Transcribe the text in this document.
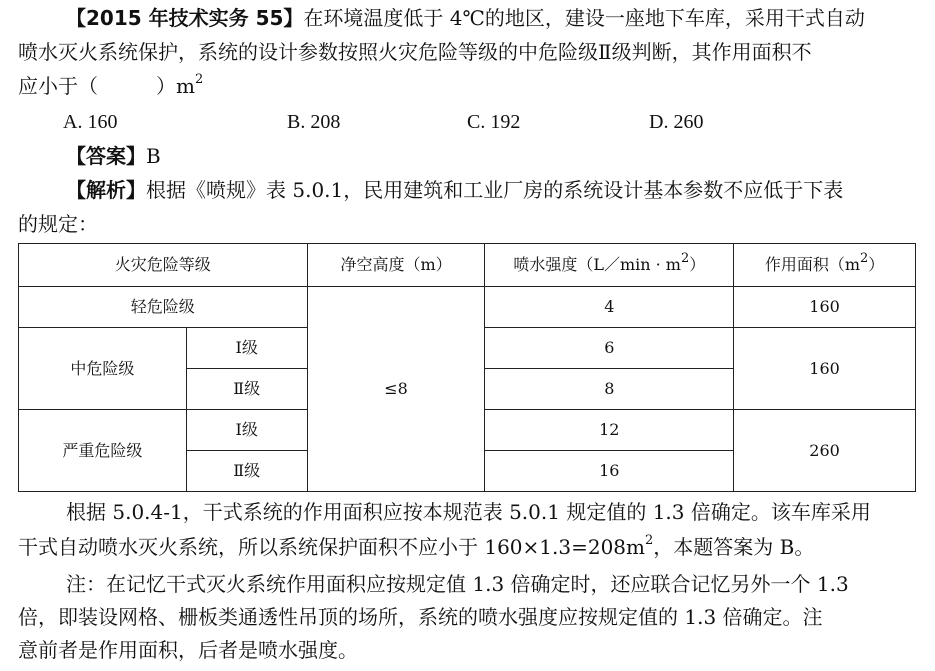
【2015 年技术实务 55】在环境温度低于 4℃的地区，建设一座地下车库，采用干式自动
喷水灭火系统保护，系统的设计参数按照火灾危险等级的中危险级Ⅱ级判断，其作用面积不
应小于（	）$m^2$
A. 160	B. 208	C. 192	D. 260
【答案】B
【解析】根据《喷规》表 5.0.1，民用建筑和工业厂房的系统设计基本参数不应低于下表
的规定：
火灾危险等级		净空高度（m）	喷水强度（L／min · $m^2$）	作用面积$(m^2)$
轻危险级		≤8	4	160
中危险级	Ⅰ级		6	160
	Ⅱ级		8	
严重危险级	Ⅰ级		12	260
	Ⅱ级		16	
根据 5.0.4-1，干式系统的作用面积应按本规范表 5.0.1 规定值的 1.3 倍确定。该车库采用
干式自动喷水灭火系统，所以系统保护面积不应小于 $160\times 1.3=208m^2$，本题答案为 B。
注：在记忆干式灭火系统作用面积应按规定值 1.3 倍确定时，还应联合记忆另外一个 1.3
倍，即装设网格、栅板类通透性吊顶的场所，系统的喷水强度应按规定值的 1.3 倍确定。注
意前者是作用面积，后者是喷水强度。
